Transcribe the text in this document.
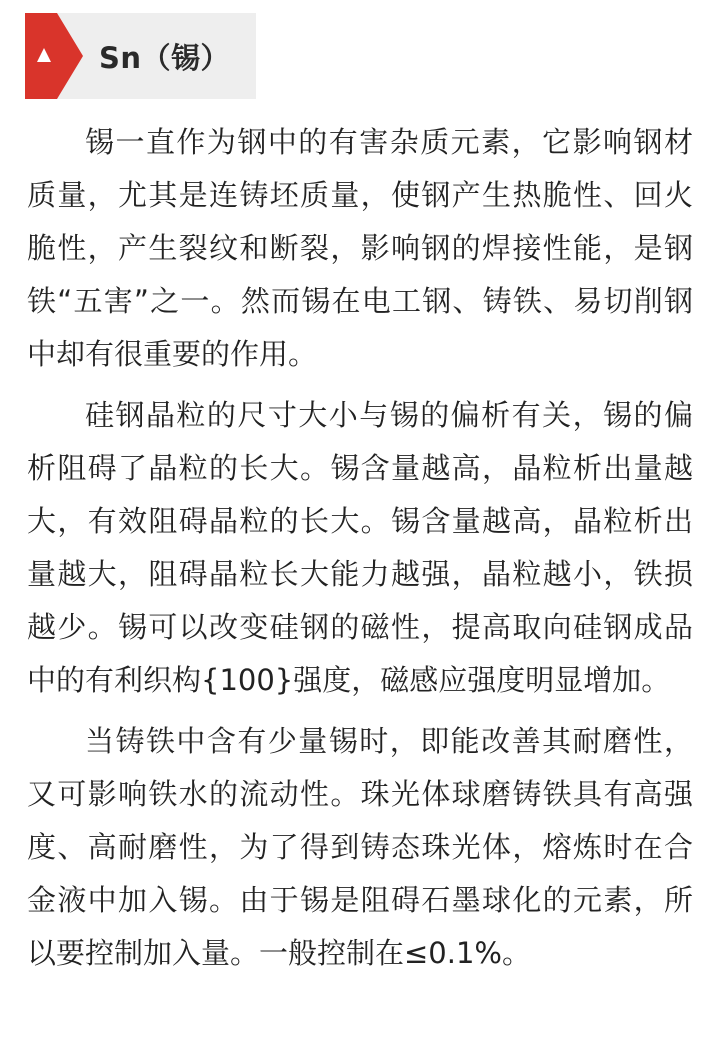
Sn（锡）

锡一直作为钢中的有害杂质元素，它影响钢材质量，尤其是连铸坯质量，使钢产生热脆性、回火脆性，产生裂纹和断裂，影响钢的焊接性能，是钢铁“五害”之一。然而锡在电工钢、铸铁、易切削钢中却有很重要的作用。

硅钢晶粒的尺寸大小与锡的偏析有关，锡的偏析阻碍了晶粒的长大。锡含量越高，晶粒析出量越大，有效阻碍晶粒的长大。锡含量越高，晶粒析出量越大，阻碍晶粒长大能力越强，晶粒越小，铁损越少。锡可以改变硅钢的磁性，提高取向硅钢成品中的有利织构{100}强度，磁感应强度明显增加。

当铸铁中含有少量锡时，即能改善其耐磨性，又可影响铁水的流动性。珠光体球磨铸铁具有高强度、高耐磨性，为了得到铸态珠光体，熔炼时在合金液中加入锡。由于锡是阻碍石墨球化的元素，所以要控制加入量。一般控制在≤0.1%。
